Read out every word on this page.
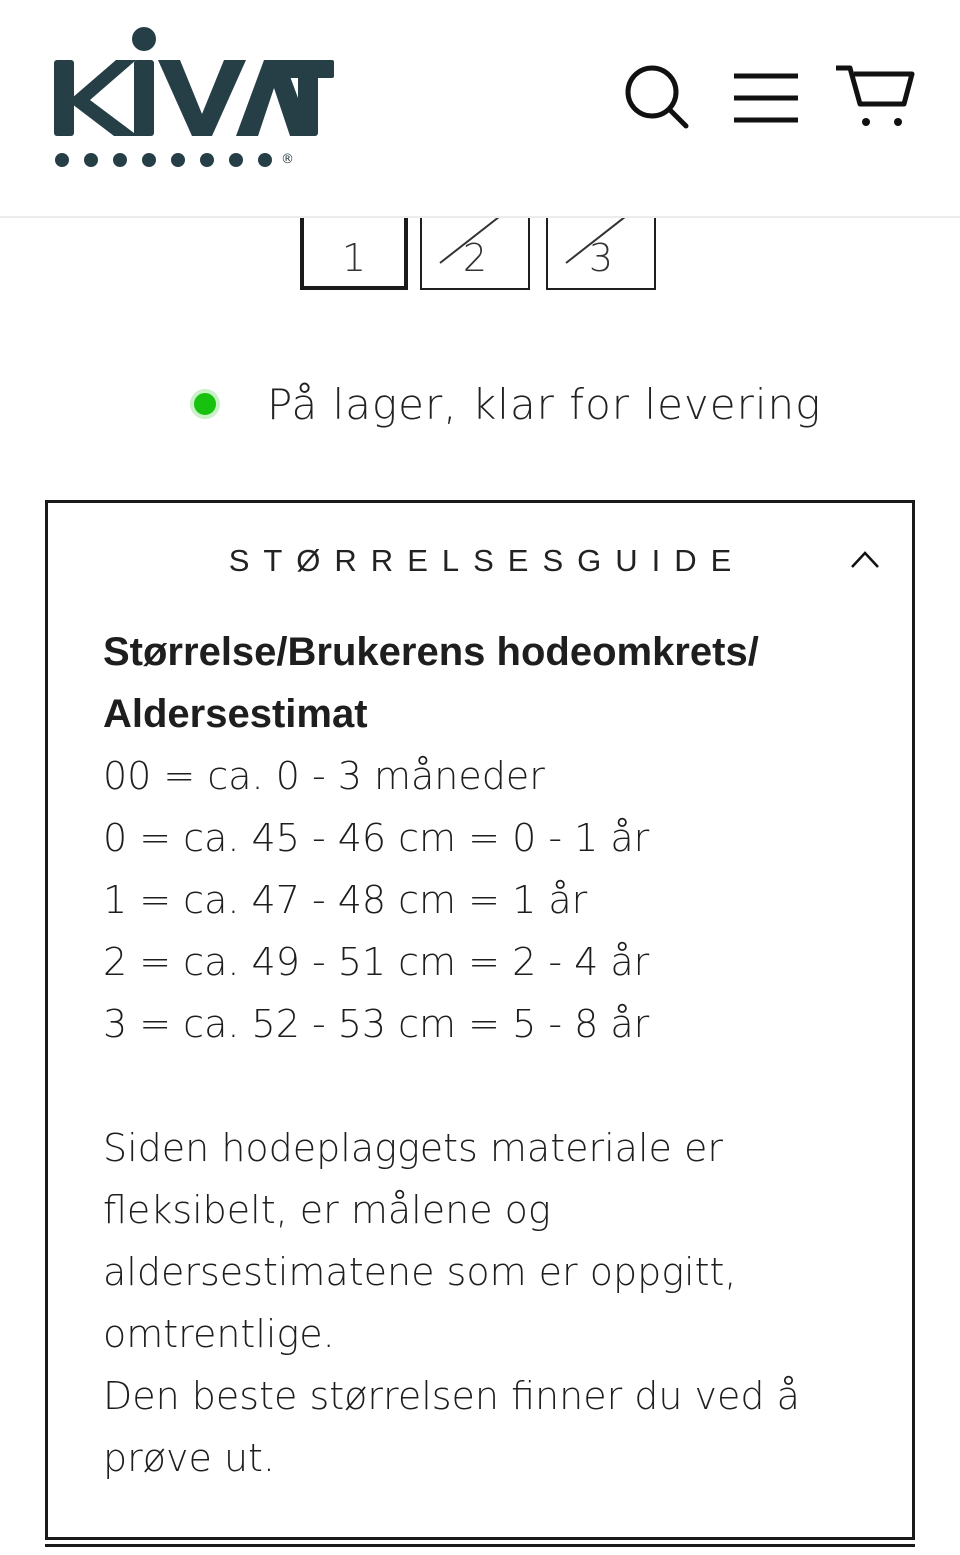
®
1	2	3
På lager, klar for levering
STØRRELSESGUIDE
Størrelse/Brukerens hodeomkrets/
Aldersestimat
00 = ca. 0 - 3 måneder
0 = ca. 45 - 46 cm = 0 - 1 år
1 = ca. 47 - 48 cm = 1 år
2 = ca. 49 - 51 cm = 2 - 4 år
3 = ca. 52 - 53 cm = 5 - 8 år
Siden hodeplaggets materiale er
fleksibelt, er målene og
aldersestimatene som er oppgitt,
omtrentlige.
Den beste størrelsen finner du ved å
prøve ut.
